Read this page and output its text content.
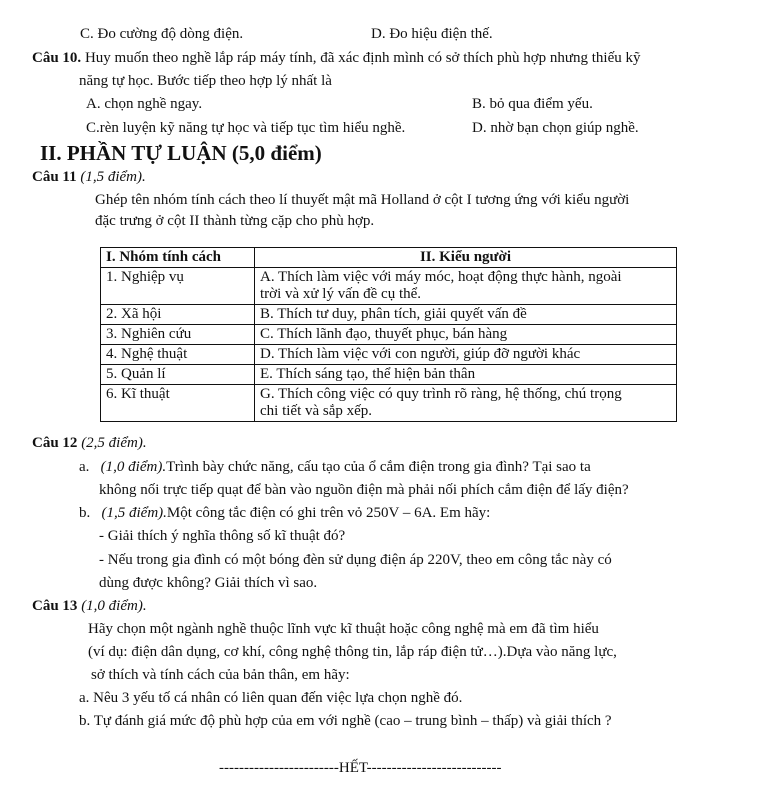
C. Đo cường độ dòng điện.	D. Đo hiệu điện thế.
Câu 10. Huy muốn theo nghề lắp ráp máy tính, đã xác định mình có sở thích phù hợp nhưng thiếu kỹ
năng tự học. Bước tiếp theo hợp lý nhất là
A. chọn nghề ngay.	B. bỏ qua điểm yếu.
C.rèn luyện kỹ năng tự học và tiếp tục tìm hiểu nghề.	D. nhờ bạn chọn giúp nghề.
II. PHẦN TỰ LUẬN (5,0 điểm)
Câu 11 (1,5 điểm).
Ghép tên nhóm tính cách theo lí thuyết mật mã Holland ở cột I tương ứng với kiểu người
đặc trưng ở cột II thành từng cặp cho phù hợp.
I. Nhóm tính cách	II. Kiểu người
1. Nghiệp vụ	A. Thích làm việc với máy móc, hoạt động thực hành, ngoài
trời và xử lý vấn đề cụ thể.
2. Xã hội	B. Thích tư duy, phân tích, giải quyết vấn đề
3. Nghiên cứu	C. Thích lãnh đạo, thuyết phục, bán hàng
4. Nghệ thuật	D. Thích làm việc với con người, giúp đỡ người khác
5. Quản lí	E. Thích sáng tạo, thể hiện bản thân
6. Kĩ thuật	G. Thích công việc có quy trình rõ ràng, hệ thống, chú trọng
chi tiết và sắp xếp.
Câu 12 (2,5 điểm).
a. (1,0 điểm).Trình bày chức năng, cấu tạo của ổ cắm điện trong gia đình? Tại sao ta
không nối trực tiếp quạt để bàn vào nguồn điện mà phải nối phích cắm điện để lấy điện?
b. (1,5 điểm).Một công tắc điện có ghi trên vỏ 250V – 6A. Em hãy:
- Giải thích ý nghĩa thông số kĩ thuật đó?
- Nếu trong gia đình có một bóng đèn sử dụng điện áp 220V, theo em công tắc này có
dùng được không? Giải thích vì sao.
Câu 13 (1,0 điểm).
Hãy chọn một ngành nghề thuộc lĩnh vực kĩ thuật hoặc công nghệ mà em đã tìm hiểu
(ví dụ: điện dân dụng, cơ khí, công nghệ thông tin, lắp ráp điện tử…).Dựa vào năng lực,
sở thích và tính cách của bản thân, em hãy:
a. Nêu 3 yếu tố cá nhân có liên quan đến việc lựa chọn nghề đó.
b. Tự đánh giá mức độ phù hợp của em với nghề (cao – trung bình – thấp) và giải thích ?
------------------------HẾT---------------------------
